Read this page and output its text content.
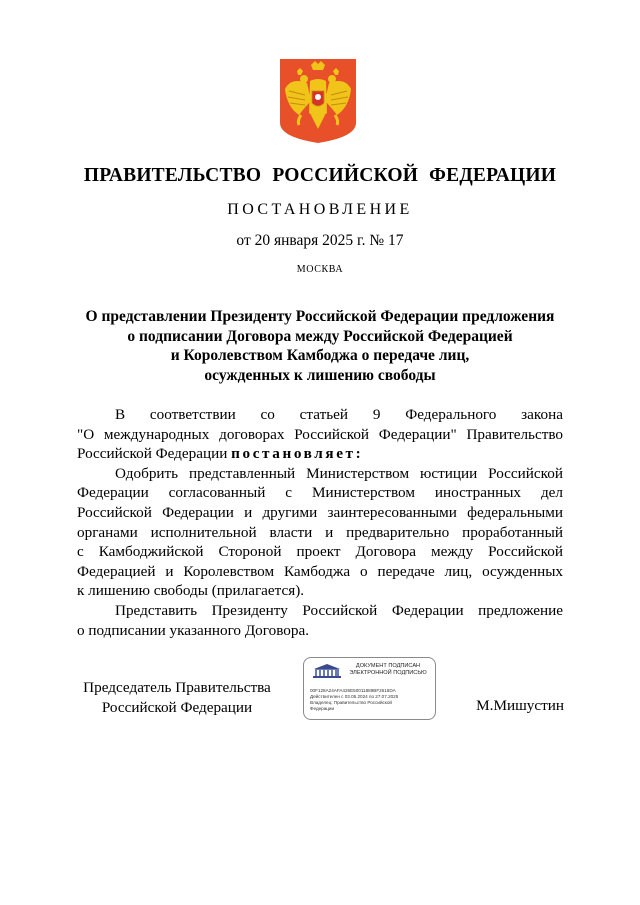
ПРАВИТЕЛЬСТВО РОССИЙСКОЙ ФЕДЕРАЦИИ
ПОСТАНОВЛЕНИЕ
от 20 января 2025 г. № 17
МОСКВА
О представлении Президенту Российской Федерации предложения
о подписании Договора между Российской Федерацией
и Королевством Камбоджа о передаче лиц,
осужденных к лишению свободы
В соответствии со статьей 9 Федерального закона
"О международных договорах Российской Федерации" Правительство
Российской Федерации постановляет:
Одобрить представленный Министерством юстиции Российской
Федерации согласованный с Министерством иностранных дел
Российской Федерации и другими заинтересованными федеральными
органами исполнительной власти и предварительно проработанный
с Камбоджийской Стороной проект Договора между Российской
Федерацией и Королевством Камбоджа о передаче лиц, осужденных
к лишению свободы (прилагается).
Представить Президенту Российской Федерации предложение
о подписании указанного Договора.
Председатель Правительства
Российской Федерации
ДОКУМЕНТ ПОДПИСАН
ЭЛЕКТРОННОЙ ПОДПИСЬЮ
00F128A24AFA426E50011889BF2616DA
Действителен с 03.05.2024 по 27.07.2025
Владелец: Правительство Российской
Федерации	М.Мишустин
